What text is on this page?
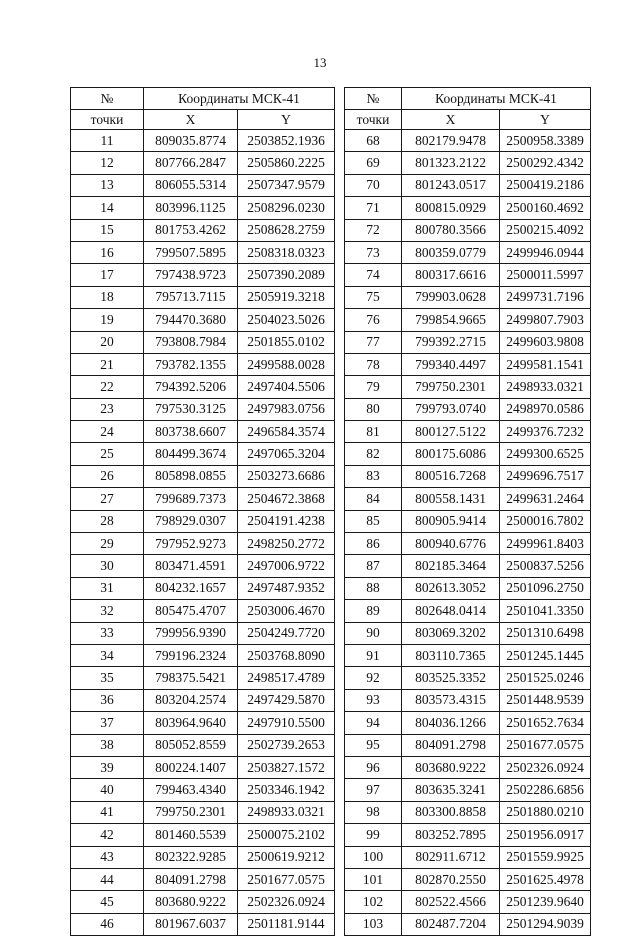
13
№	Координаты МСК-41	
точки	X	Y
11	809035.8774	2503852.1936
12	807766.2847	2505860.2225
13	806055.5314	2507347.9579
14	803996.1125	2508296.0230
15	801753.4262	2508628.2759
16	799507.5895	2508318.0323
17	797438.9723	2507390.2089
18	795713.7115	2505919.3218
19	794470.3680	2504023.5026
20	793808.7984	2501855.0102
21	793782.1355	2499588.0028
22	794392.5206	2497404.5506
23	797530.3125	2497983.0756
24	803738.6607	2496584.3574
25	804499.3674	2497065.3204
26	805898.0855	2503273.6686
27	799689.7373	2504672.3868
28	798929.0307	2504191.4238
29	797952.9273	2498250.2772
30	803471.4591	2497006.9722
31	804232.1657	2497487.9352
32	805475.4707	2503006.4670
33	799956.9390	2504249.7720
34	799196.2324	2503768.8090
35	798375.5421	2498517.4789
36	803204.2574	2497429.5870
37	803964.9640	2497910.5500
38	805052.8559	2502739.2653
39	800224.1407	2503827.1572
40	799463.4340	2503346.1942
41	799750.2301	2498933.0321
42	801460.5539	2500075.2102
43	802322.9285	2500619.9212
44	804091.2798	2501677.0575
45	803680.9222	2502326.0924
46	801967.6037	2501181.9144
№	Координаты МСК-41	
точки	X	Y
68	802179.9478	2500958.3389
69	801323.2122	2500292.4342
70	801243.0517	2500419.2186
71	800815.0929	2500160.4692
72	800780.3566	2500215.4092
73	800359.0779	2499946.0944
74	800317.6616	2500011.5997
75	799903.0628	2499731.7196
76	799854.9665	2499807.7903
77	799392.2715	2499603.9808
78	799340.4497	2499581.1541
79	799750.2301	2498933.0321
80	799793.0740	2498970.0586
81	800127.5122	2499376.7232
82	800175.6086	2499300.6525
83	800516.7268	2499696.7517
84	800558.1431	2499631.2464
85	800905.9414	2500016.7802
86	800940.6776	2499961.8403
87	802185.3464	2500837.5256
88	802613.3052	2501096.2750
89	802648.0414	2501041.3350
90	803069.3202	2501310.6498
91	803110.7365	2501245.1445
92	803525.3352	2501525.0246
93	803573.4315	2501448.9539
94	804036.1266	2501652.7634
95	804091.2798	2501677.0575
96	803680.9222	2502326.0924
97	803635.3241	2502286.6856
98	803300.8858	2501880.0210
99	803252.7895	2501956.0917
100	802911.6712	2501559.9925
101	802870.2550	2501625.4978
102	802522.4566	2501239.9640
103	802487.7204	2501294.9039
